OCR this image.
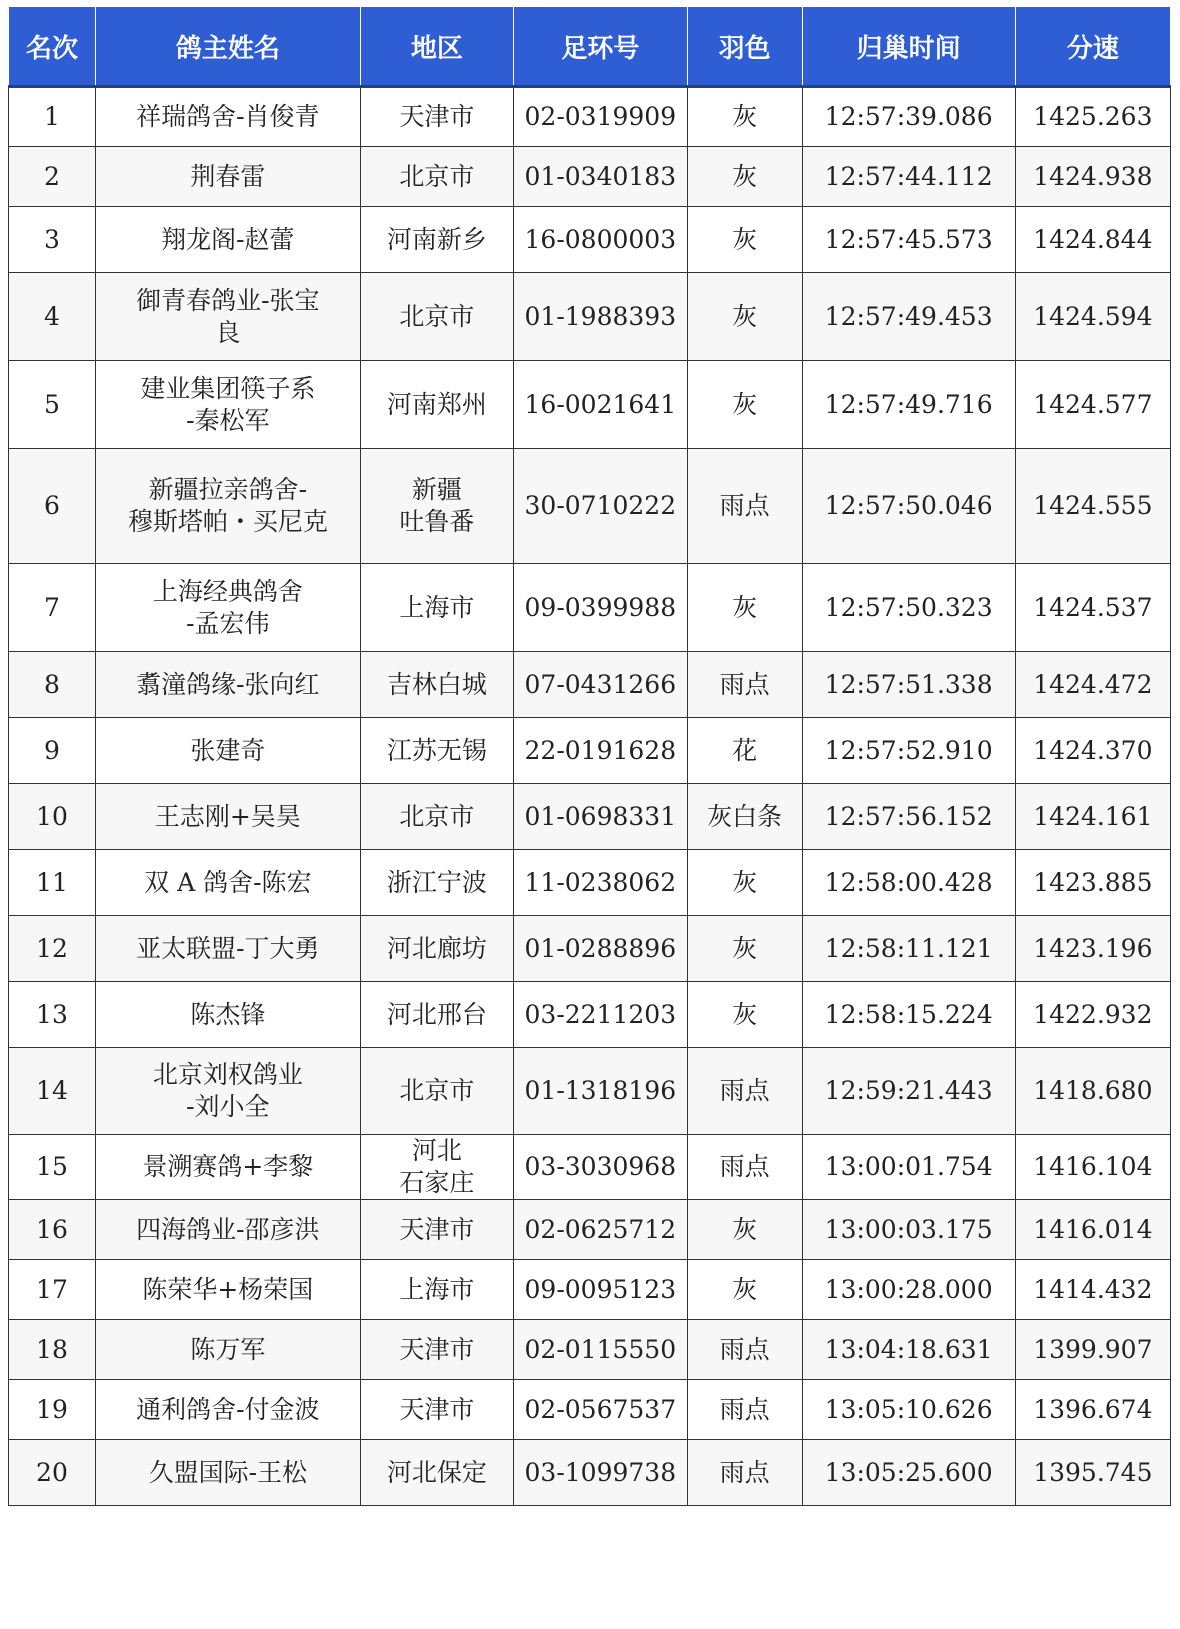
名次	鸽主姓名	地区	足环号	羽色	归巢时间	分速
1	祥瑞鸽舍-肖俊青	天津市	02-0319909	灰	12:57:39.086	1425.263
2	荆春雷	北京市	01-0340183	灰	12:57:44.112	1424.938
3	翔龙阁-赵蕾	河南新乡	16-0800003	灰	12:57:45.573	1424.844
4	御青春鸽业-张宝
良	北京市	01-1988393	灰	12:57:49.453	1424.594
5	建业集团筷子系
-秦松军	河南郑州	16-0021641	灰	12:57:49.716	1424.577
6	新疆拉亲鸽舍-
穆斯塔帕・买尼克	新疆
吐鲁番	30-0710222	雨点	12:57:50.046	1424.555
7	上海经典鸽舍
-孟宏伟	上海市	09-0399988	灰	12:57:50.323	1424.537
8	翥潼鸽缘-张向红	吉林白城	07-0431266	雨点	12:57:51.338	1424.472
9	张建奇	江苏无锡	22-0191628	花	12:57:52.910	1424.370
10	王志刚+吴昊	北京市	01-0698331	灰白条	12:57:56.152	1424.161
11	双 A 鸽舍-陈宏	浙江宁波	11-0238062	灰	12:58:00.428	1423.885
12	亚太联盟-丁大勇	河北廊坊	01-0288896	灰	12:58:11.121	1423.196
13	陈杰锋	河北邢台	03-2211203	灰	12:58:15.224	1422.932
14	北京刘权鸽业
-刘小全	北京市	01-1318196	雨点	12:59:21.443	1418.680
15	景溯赛鸽+李黎	河北
石家庄	03-3030968	雨点	13:00:01.754	1416.104
16	四海鸽业-邵彦洪	天津市	02-0625712	灰	13:00:03.175	1416.014
17	陈荣华+杨荣国	上海市	09-0095123	灰	13:00:28.000	1414.432
18	陈万军	天津市	02-0115550	雨点	13:04:18.631	1399.907
19	通利鸽舍-付金波	天津市	02-0567537	雨点	13:05:10.626	1396.674
20	久盟国际-王松	河北保定	03-1099738	雨点	13:05:25.600	1395.745
